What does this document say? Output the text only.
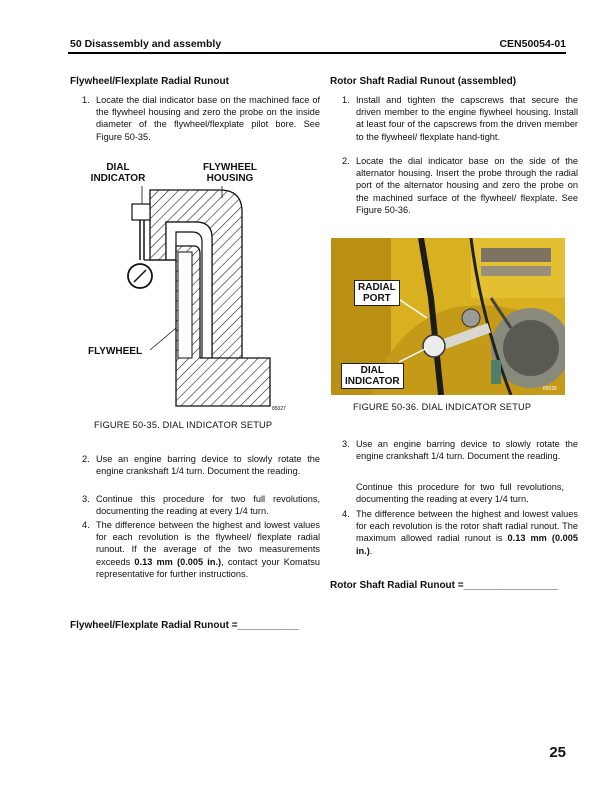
50 Disassembly and assembly	CEN50054-01
Flywheel/Flexplate Radial Runout
1. Locate the dial indicator base on the machined face of the flywheel housing and zero the probe on the inside diameter of the flywheel/flexplate pilot bore. See Figure 50-35.
DIAL
INDICATOR
FLYWHEEL
HOUSING
FLYWHEEL
85027
FIGURE 50-35. DIAL INDICATOR SETUP
2. Use an engine barring device to slowly rotate the engine crankshaft 1/4 turn. Document the reading.
3. Continue this procedure for two full revolutions, documenting the reading at every 1/4 turn.
4. The difference between the highest and lowest values for each revolution is the flywheel/ flexplate radial runout. If the average of the two measurements exceeds 0.13 mm (0.005 in.), contact your Komatsu representative for further instructions.
Flywheel/Flexplate Radial Runout =___________
Rotor Shaft Radial Runout (assembled)
1. Install and tighten the capscrews that secure the driven member to the engine flywheel housing. Install at least four of the capscrews from the driven member to the flywheel/ flexplate hand-tight.
2. Locate the dial indicator base on the side of the alternator housing. Insert the probe through the radial port of the alternator housing and zero the probe on the machined surface of the flywheel/ flexplate. See Figure 50-36.
RADIAL
PORT
DIAL
INDICATOR
85026
FIGURE 50-36. DIAL INDICATOR SETUP
3. Use an engine barring device to slowly rotate the engine crankshaft 1/4 turn. Document the reading.
Continue this procedure for two full revolutions, documenting the reading at every 1/4 turn.
4. The difference between the highest and lowest values for each revolution is the rotor shaft radial runout. The maximum allowed radial runout is 0.13 mm (0.005 in.).
Rotor Shaft Radial Runout =_________________
25
